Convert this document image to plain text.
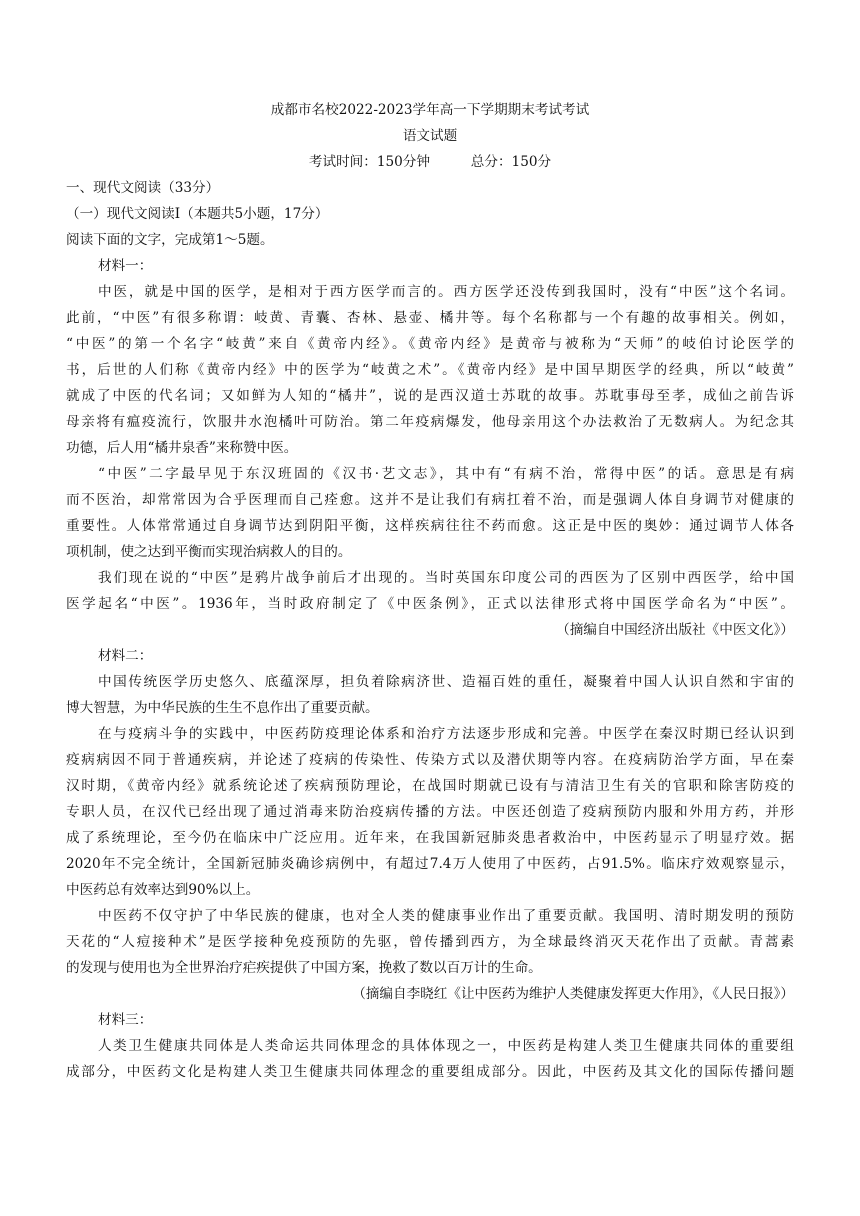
成都市名校2022-2023学年高一下学期期末考试考试
语文试题
考试时间：150分钟　　　总分：150分
一、现代文阅读（33分）
（一）现代文阅读Ⅰ（本题共5小题，17分）
阅读下面的文字，完成第1～5题。
材料一：
中医，就是中国的医学，是相对于西方医学而言的。西方医学还没传到我国时，没有“中医”这个名词。
此前，“中医”有很多称谓：岐黄、青囊、杏林、悬壶、橘井等。每个名称都与一个有趣的故事相关。例如，
“中医”的第一个名字“岐黄”来自《黄帝内经》。《黄帝内经》是黄帝与被称为“天师”的岐伯讨论医学的
书，后世的人们称《黄帝内经》中的医学为“岐黄之术”。《黄帝内经》是中国早期医学的经典，所以“岐黄”
就成了中医的代名词；又如鲜为人知的“橘井”，说的是西汉道士苏耽的故事。苏耽事母至孝，成仙之前告诉
母亲将有瘟疫流行，饮服井水泡橘叶可防治。第二年疫病爆发，他母亲用这个办法救治了无数病人。为纪念其
功德，后人用“橘井泉香”来称赞中医。
“中医”二字最早见于东汉班固的《汉书·艺文志》，其中有“有病不治，常得中医”的话。意思是有病
而不医治，却常常因为合乎医理而自己痊愈。这并不是让我们有病扛着不治，而是强调人体自身调节对健康的
重要性。人体常常通过自身调节达到阴阳平衡，这样疾病往往不药而愈。这正是中医的奥妙：通过调节人体各
项机制，使之达到平衡而实现治病救人的目的。
我们现在说的“中医”是鸦片战争前后才出现的。当时英国东印度公司的西医为了区别中西医学，给中国
医学起名“中医”。1936年，当时政府制定了《中医条例》，正式以法律形式将中国医学命名为“中医”。
（摘编自中国经济出版社《中医文化》）
材料二：
中国传统医学历史悠久、底蕴深厚，担负着除病济世、造福百姓的重任，凝聚着中国人认识自然和宇宙的
博大智慧，为中华民族的生生不息作出了重要贡献。
在与疫病斗争的实践中，中医药防疫理论体系和治疗方法逐步形成和完善。中医学在秦汉时期已经认识到
疫病病因不同于普通疾病，并论述了疫病的传染性、传染方式以及潜伏期等内容。在疫病防治学方面，早在秦
汉时期，《黄帝内经》就系统论述了疾病预防理论，在战国时期就已设有与清洁卫生有关的官职和除害防疫的
专职人员，在汉代已经出现了通过消毒来防治疫病传播的方法。中医还创造了疫病预防内服和外用方药，并形
成了系统理论，至今仍在临床中广泛应用。近年来，在我国新冠肺炎患者救治中，中医药显示了明显疗效。据
2020年不完全统计，全国新冠肺炎确诊病例中，有超过7.4万人使用了中医药，占91.5%。临床疗效观察显示，
中医药总有效率达到90%以上。
中医药不仅守护了中华民族的健康，也对全人类的健康事业作出了重要贡献。我国明、清时期发明的预防
天花的“人痘接种术”是医学接种免疫预防的先驱，曾传播到西方，为全球最终消灭天花作出了贡献。青蒿素
的发现与使用也为全世界治疗疟疾提供了中国方案，挽救了数以百万计的生命。
（摘编自李晓红《让中医药为维护人类健康发挥更大作用》，《人民日报》）
材料三：
人类卫生健康共同体是人类命运共同体理念的具体体现之一，中医药是构建人类卫生健康共同体的重要组
成部分，中医药文化是构建人类卫生健康共同体理念的重要组成部分。因此，中医药及其文化的国际传播问题
